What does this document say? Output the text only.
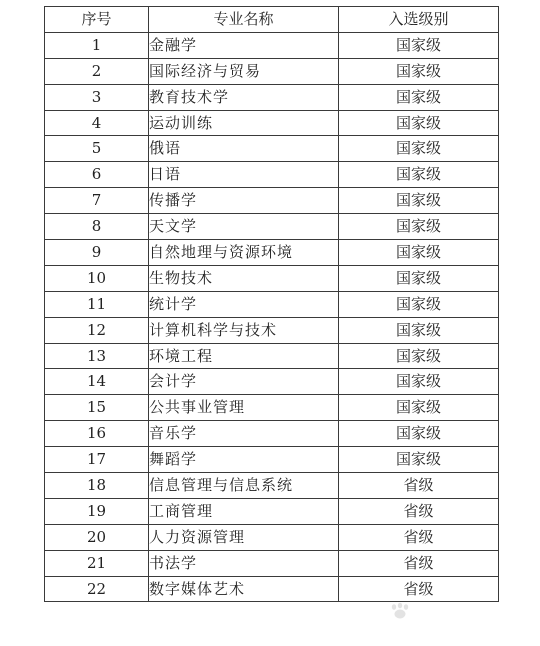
序号	专业名称	入选级别
1	金融学	国家级
2	国际经济与贸易	国家级
3	教育技术学	国家级
4	运动训练	国家级
5	俄语	国家级
6	日语	国家级
7	传播学	国家级
8	天文学	国家级
9	自然地理与资源环境	国家级
10	生物技术	国家级
11	统计学	国家级
12	计算机科学与技术	国家级
13	环境工程	国家级
14	会计学	国家级
15	公共事业管理	国家级
16	音乐学	国家级
17	舞蹈学	国家级
18	信息管理与信息系统	省级
19	工商管理	省级
20	人力资源管理	省级
21	书法学	省级
22	数字媒体艺术	省级
